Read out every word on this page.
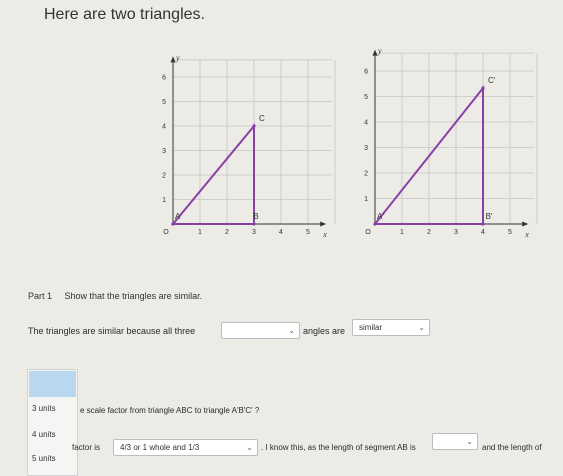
Here are two triangles.
y
x
1	2	3	4	5
1
2
3
4
5
6
O
A	B
C
y
x
1	2	3	4	5
1
2
3
4
5
6
O
A'	B'
C'
Part 1 Show that the triangles are similar.
The triangles are similar because all three	⌄ angles are	similar	⌄
3 units
4 units
5 units
e scale factor from triangle ABC to triangle A'B'C' ?
factor is	4/3 or 1 whole and 1/3	⌄ . I know this, as the length of segment AB is
⌄
and the length of
